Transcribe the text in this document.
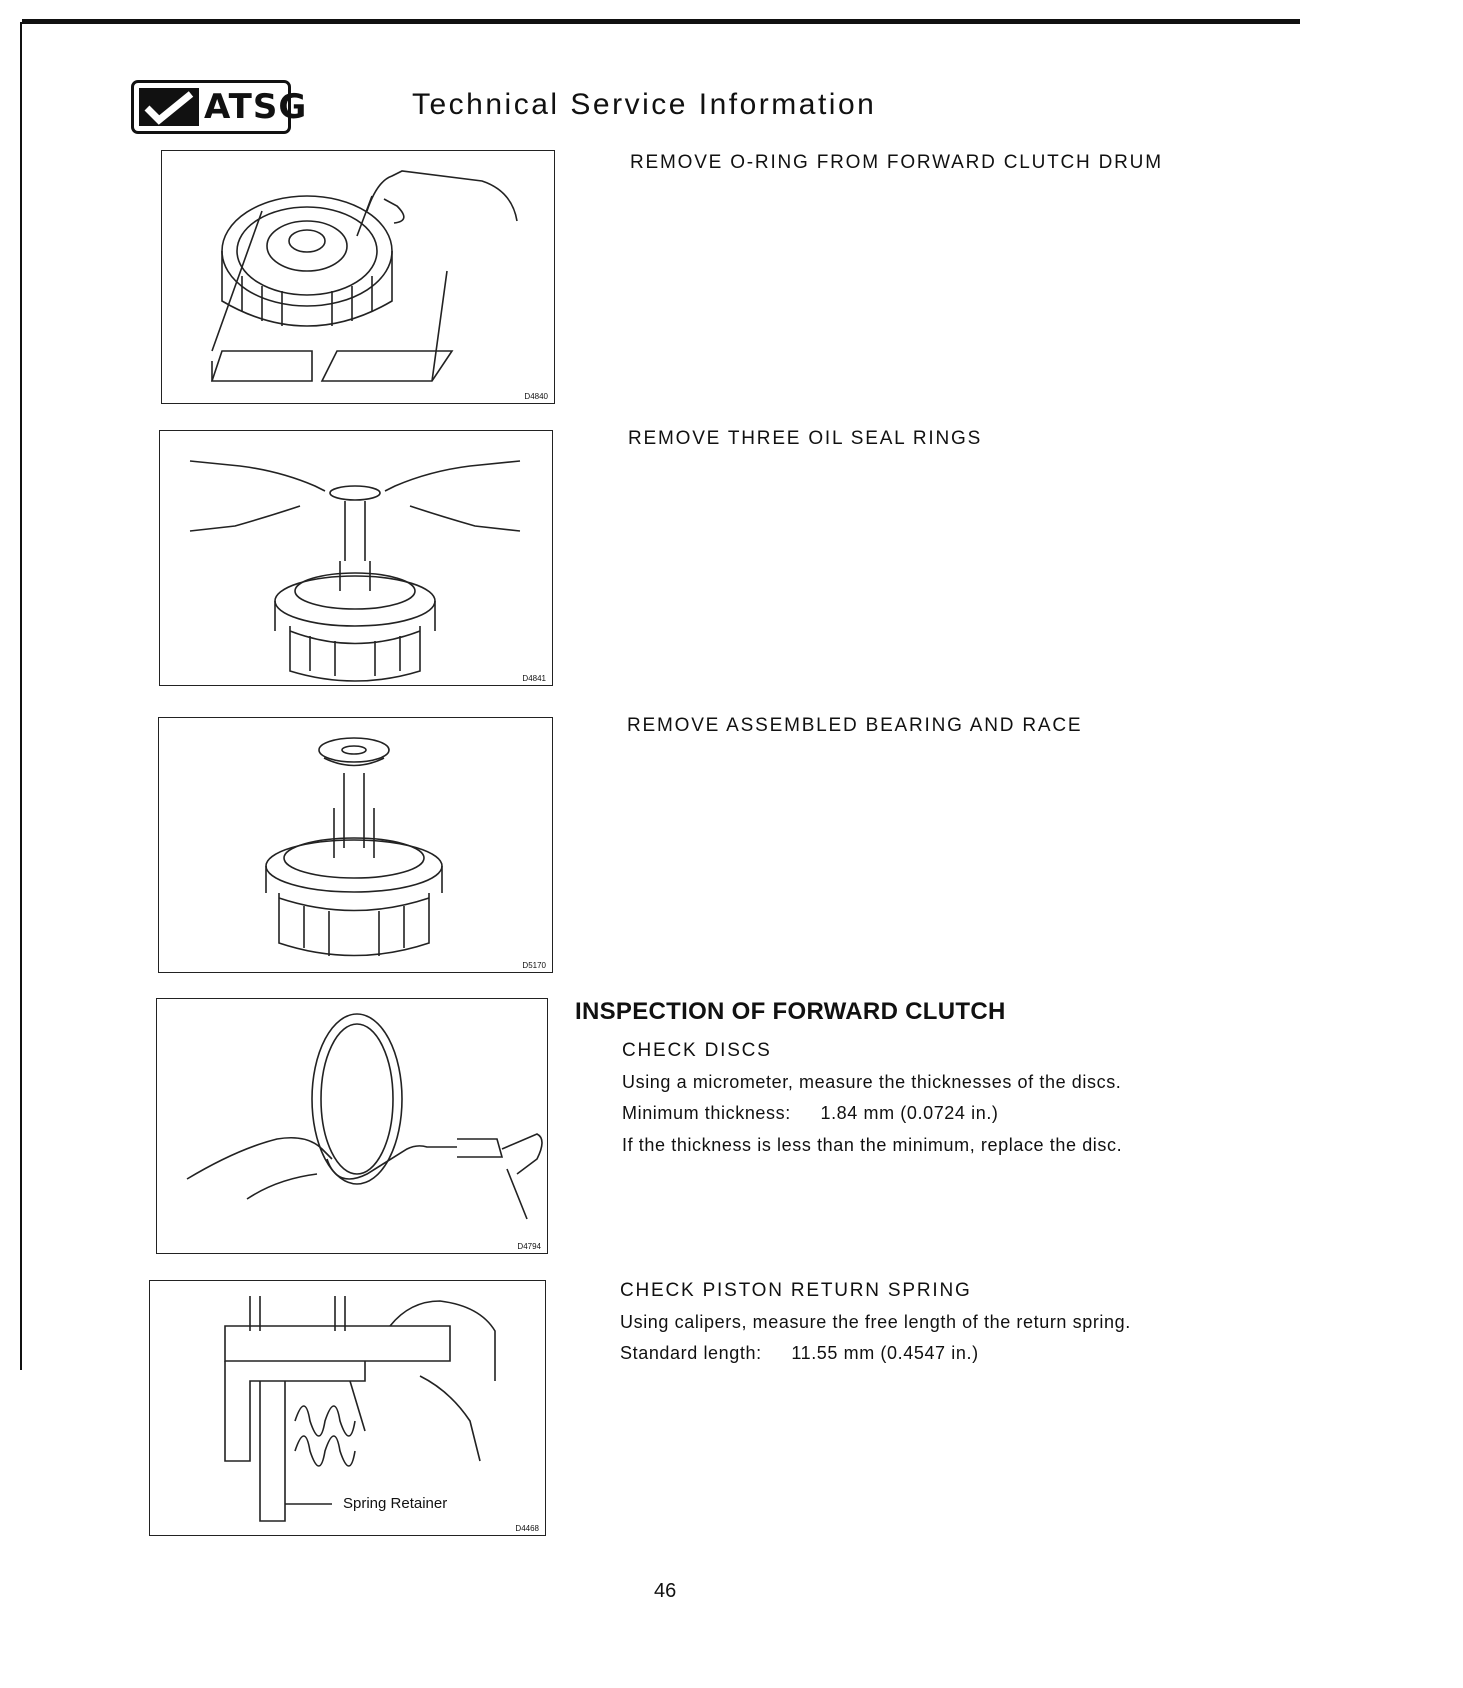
ATSG	Technical Service Information
D4840
REMOVE O-RING FROM FORWARD CLUTCH DRUM
D4841
REMOVE THREE OIL SEAL RINGS
D5170
REMOVE ASSEMBLED BEARING AND RACE
D4794
INSPECTION OF FORWARD CLUTCH
CHECK DISCS
Using a micrometer, measure the thicknesses of the discs.
Minimum thickness: 1.84 mm (0.0724 in.)
If the thickness is less than the minimum, replace the disc.
Spring Retainer
D4468
CHECK PISTON RETURN SPRING
Using calipers, measure the free length of the return spring.
Standard length: 11.55 mm (0.4547 in.)
46
